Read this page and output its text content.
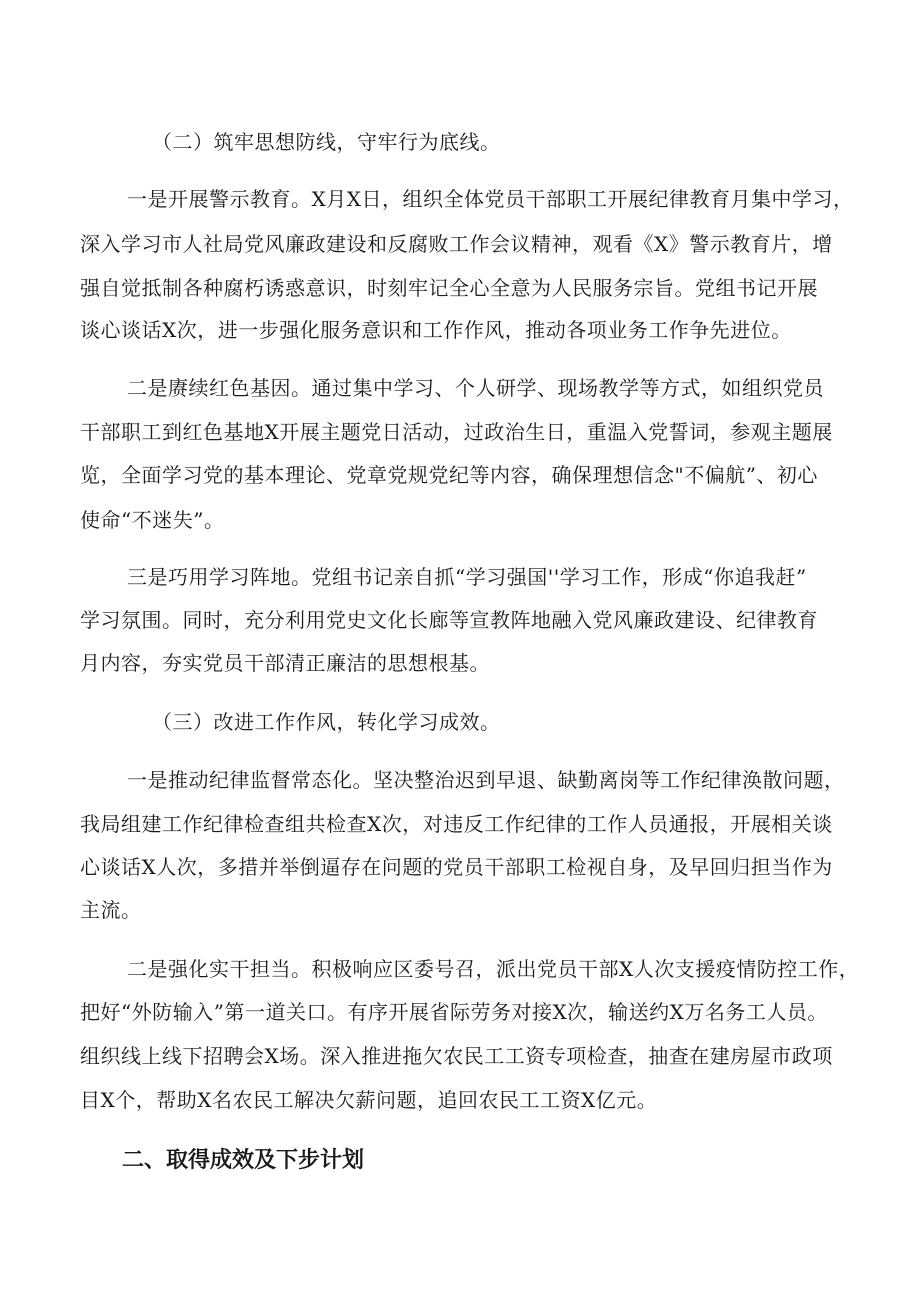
（二）筑牢思想防线，守牢行为底线。
一是开展警示教育。X月X日，组织全体党员干部职工开展纪律教育月集中学习，
深入学习市人社局党风廉政建设和反腐败工作会议精神，观看《X》警示教育片，增
强自觉抵制各种腐朽诱惑意识，时刻牢记全心全意为人民服务宗旨。党组书记开展
谈心谈话X次，进一步强化服务意识和工作作风，推动各项业务工作争先进位。
二是赓续红色基因。通过集中学习、个人研学、现场教学等方式，如组织党员
干部职工到红色基地X开展主题党日活动，过政治生日，重温入党誓词，参观主题展
览，全面学习党的基本理论、党章党规党纪等内容，确保理想信念"不偏航”、初心
使命“不迷失”。
三是巧用学习阵地。党组书记亲自抓“学习强国''学习工作，形成“你追我赶”
学习氛围。同时，充分利用党史文化长廊等宣教阵地融入党风廉政建设、纪律教育
月内容，夯实党员干部清正廉洁的思想根基。
（三）改进工作作风，转化学习成效。
一是推动纪律监督常态化。坚决整治迟到早退、缺勤离岗等工作纪律涣散问题，
我局组建工作纪律检查组共检查X次，对违反工作纪律的工作人员通报，开展相关谈
心谈话X人次，多措并举倒逼存在问题的党员干部职工检视自身，及早回归担当作为
主流。
二是强化实干担当。积极响应区委号召，派出党员干部X人次支援疫情防控工作，
把好“外防输入”第一道关口。有序开展省际劳务对接X次，输送约X万名务工人员。
组织线上线下招聘会X场。深入推进拖欠农民工工资专项检查，抽查在建房屋市政项
目X个，帮助X名农民工解决欠薪问题，追回农民工工资X亿元。
二、取得成效及下步计划
